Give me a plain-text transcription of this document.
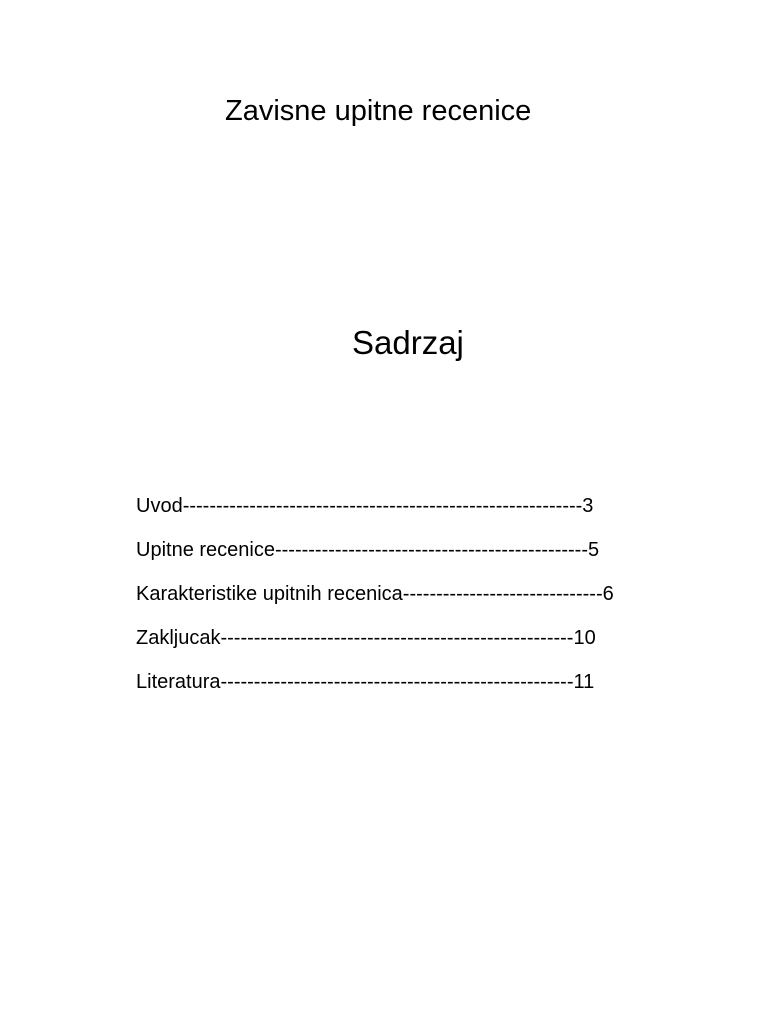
Zavisne upitne recenice
Sadrzaj
Uvod------------------------------------------------------------3
Upitne recenice-----------------------------------------------5
Karakteristike upitnih recenica------------------------------6
Zakljucak-----------------------------------------------------10
Literatura-----------------------------------------------------11
